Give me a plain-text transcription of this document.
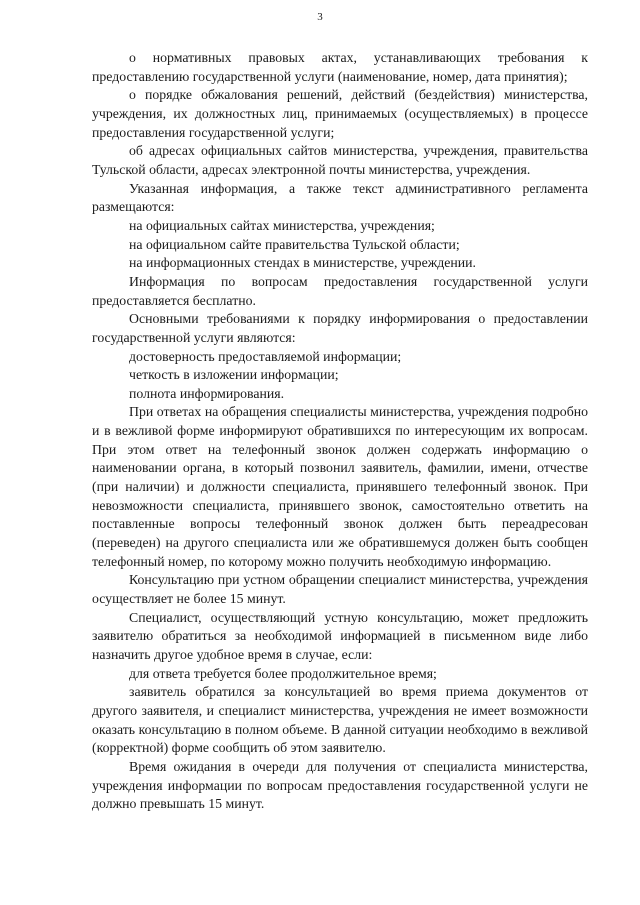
3

о нормативных правовых актах, устанавливающих требования к предоставлению государственной услуги (наименование, номер, дата принятия);

о порядке обжалования решений, действий (бездействия) министерства, учреждения, их должностных лиц, принимаемых (осуществляемых) в процессе предоставления государственной услуги;

об адресах официальных сайтов министерства, учреждения, правительства Тульской области, адресах электронной почты министерства, учреждения.

Указанная информация, а также текст административного регламента размещаются:

на официальных сайтах министерства, учреждения;

на официальном сайте правительства Тульской области;

на информационных стендах в министерстве, учреждении.

Информация по вопросам предоставления государственной услуги предоставляется бесплатно.

Основными требованиями к порядку информирования о предоставлении государственной услуги являются:

достоверность предоставляемой информации;

четкость в изложении информации;

полнота информирования.

При ответах на обращения специалисты министерства, учреждения подробно и в вежливой форме информируют обратившихся по интересующим их вопросам. При этом ответ на телефонный звонок должен содержать информацию о наименовании органа, в который позвонил заявитель, фамилии, имени, отчестве (при наличии) и должности специалиста, принявшего телефонный звонок. При невозможности специалиста, принявшего звонок, самостоятельно ответить на поставленные вопросы телефонный звонок должен быть переадресован (переведен) на другого специалиста или же обратившемуся должен быть сообщен телефонный номер, по которому можно получить необходимую информацию.

Консультацию при устном обращении специалист министерства, учреждения осуществляет не более 15 минут.

Специалист, осуществляющий устную консультацию, может предложить заявителю обратиться за необходимой информацией в письменном виде либо назначить другое удобное время в случае, если:

для ответа требуется более продолжительное время;

заявитель обратился за консультацией во время приема документов от другого заявителя, и специалист министерства, учреждения не имеет возможности оказать консультацию в полном объеме. В данной ситуации необходимо в вежливой (корректной) форме сообщить об этом заявителю.

Время ожидания в очереди для получения от специалиста министерства, учреждения информации по вопросам предоставления государственной услуги не должно превышать 15 минут.
